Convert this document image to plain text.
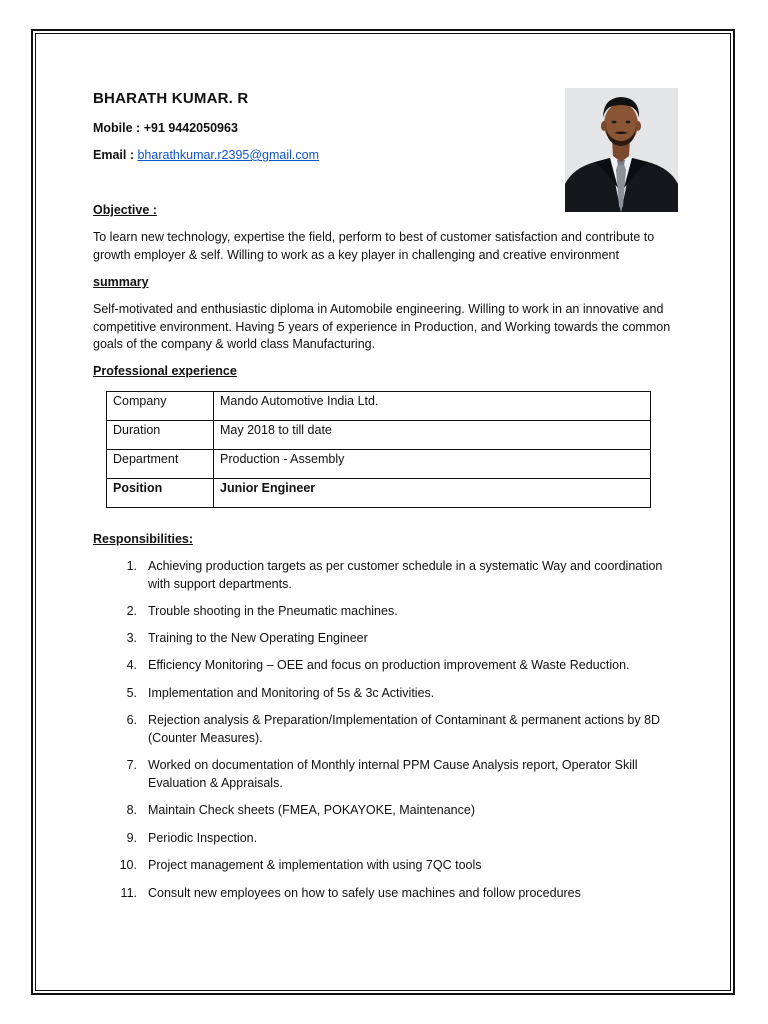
BHARATH KUMAR. R
Mobile : +91 9442050963
Email : bharathkumar.r2395@gmail.com
Objective :
To learn new technology, expertise the field, perform to best of customer satisfaction and contribute to growth employer & self. Willing to work as a key player in challenging and creative environment
summary
Self-motivated and enthusiastic diploma in Automobile engineering. Willing to work in an innovative and competitive environment. Having 5 years of experience in Production, and Working towards the common goals of the company & world class Manufacturing.
Professional experience
Responsibilities:
1. Achieving production targets as per customer schedule in a systematic Way and coordination with support departments.
2. Trouble shooting in the Pneumatic machines.
3. Training to the New Operating Engineer
4. Efficiency Monitoring – OEE and focus on production improvement & Waste Reduction.
5. Implementation and Monitoring of 5s & 3c Activities.
6. Rejection analysis & Preparation/Implementation of Contaminant & permanent actions by 8D (Counter Measures).
7. Worked on documentation of Monthly internal PPM Cause Analysis report, Operator Skill Evaluation & Appraisals.
8. Maintain Check sheets (FMEA, POKAYOKE, Maintenance)
9. Periodic Inspection.
10. Project management & implementation with using 7QC tools
11. Consult new employees on how to safely use machines and follow procedures
Company	Mando Automotive India Ltd.
Duration	May 2018 to till date
Department	Production - Assembly
Position	Junior Engineer
